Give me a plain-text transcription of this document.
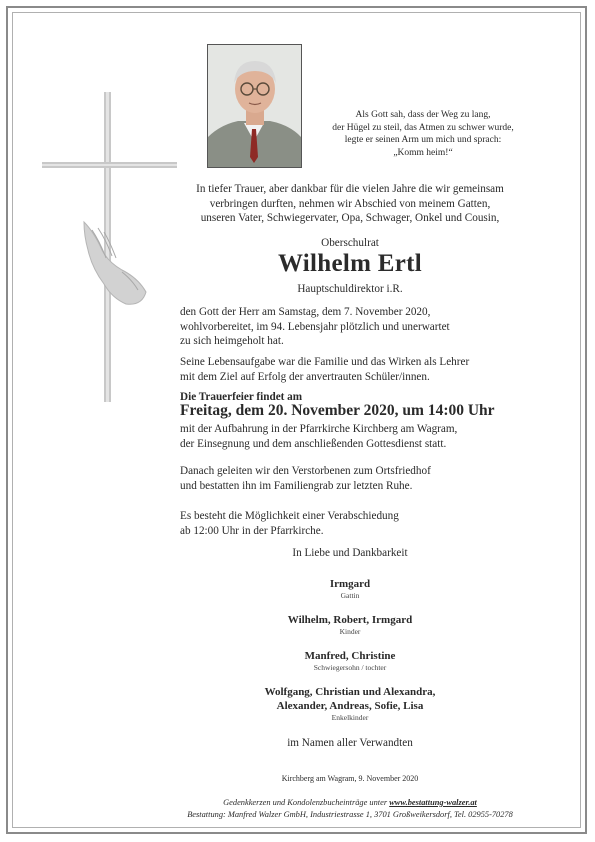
Als Gott sah, dass der Weg zu lang,
der Hügel zu steil, das Atmen zu schwer wurde,
legte er seinen Arm um mich und sprach:
„Komm heim!“
In tiefer Trauer, aber dankbar für die vielen Jahre die wir gemeinsam
verbringen durften, nehmen wir Abschied von meinem Gatten,
unseren Vater, Schwiegervater, Opa, Schwager, Onkel und Cousin,
Oberschulrat
Wilhelm Ertl
Hauptschuldirektor i.R.
den Gott der Herr am Samstag, dem 7. November 2020,
wohlvorbereitet, im 94. Lebensjahr plötzlich und unerwartet
zu sich heimgeholt hat.
Seine Lebensaufgabe war die Familie und das Wirken als Lehrer
mit dem Ziel auf Erfolg der anvertrauten Schüler/innen.
Die Trauerfeier findet am
Freitag, dem 20. November 2020, um 14:00 Uhr
mit der Aufbahrung in der Pfarrkirche Kirchberg am Wagram,
der Einsegnung und dem anschließenden Gottesdienst statt.
Danach geleiten wir den Verstorbenen zum Ortsfriedhof
und bestatten ihn im Familiengrab zur letzten Ruhe.
Es besteht die Möglichkeit einer Verabschiedung
ab 12:00 Uhr in der Pfarrkirche.
In Liebe und Dankbarkeit
Irmgard
Gattin
Wilhelm, Robert, Irmgard
Kinder
Manfred, Christine
Schwiegersohn / tochter
Wolfgang, Christian und Alexandra,
Alexander, Andreas, Sofie, Lisa
Enkelkinder
im Namen aller Verwandten
Kirchberg am Wagram, 9. November 2020
Gedenkkerzen und Kondolenzbucheinträge unter www.bestattung-walzer.at
Bestattung: Manfred Walzer GmbH, Industriestrasse 1, 3701 Großweikersdorf, Tel. 02955-70278
